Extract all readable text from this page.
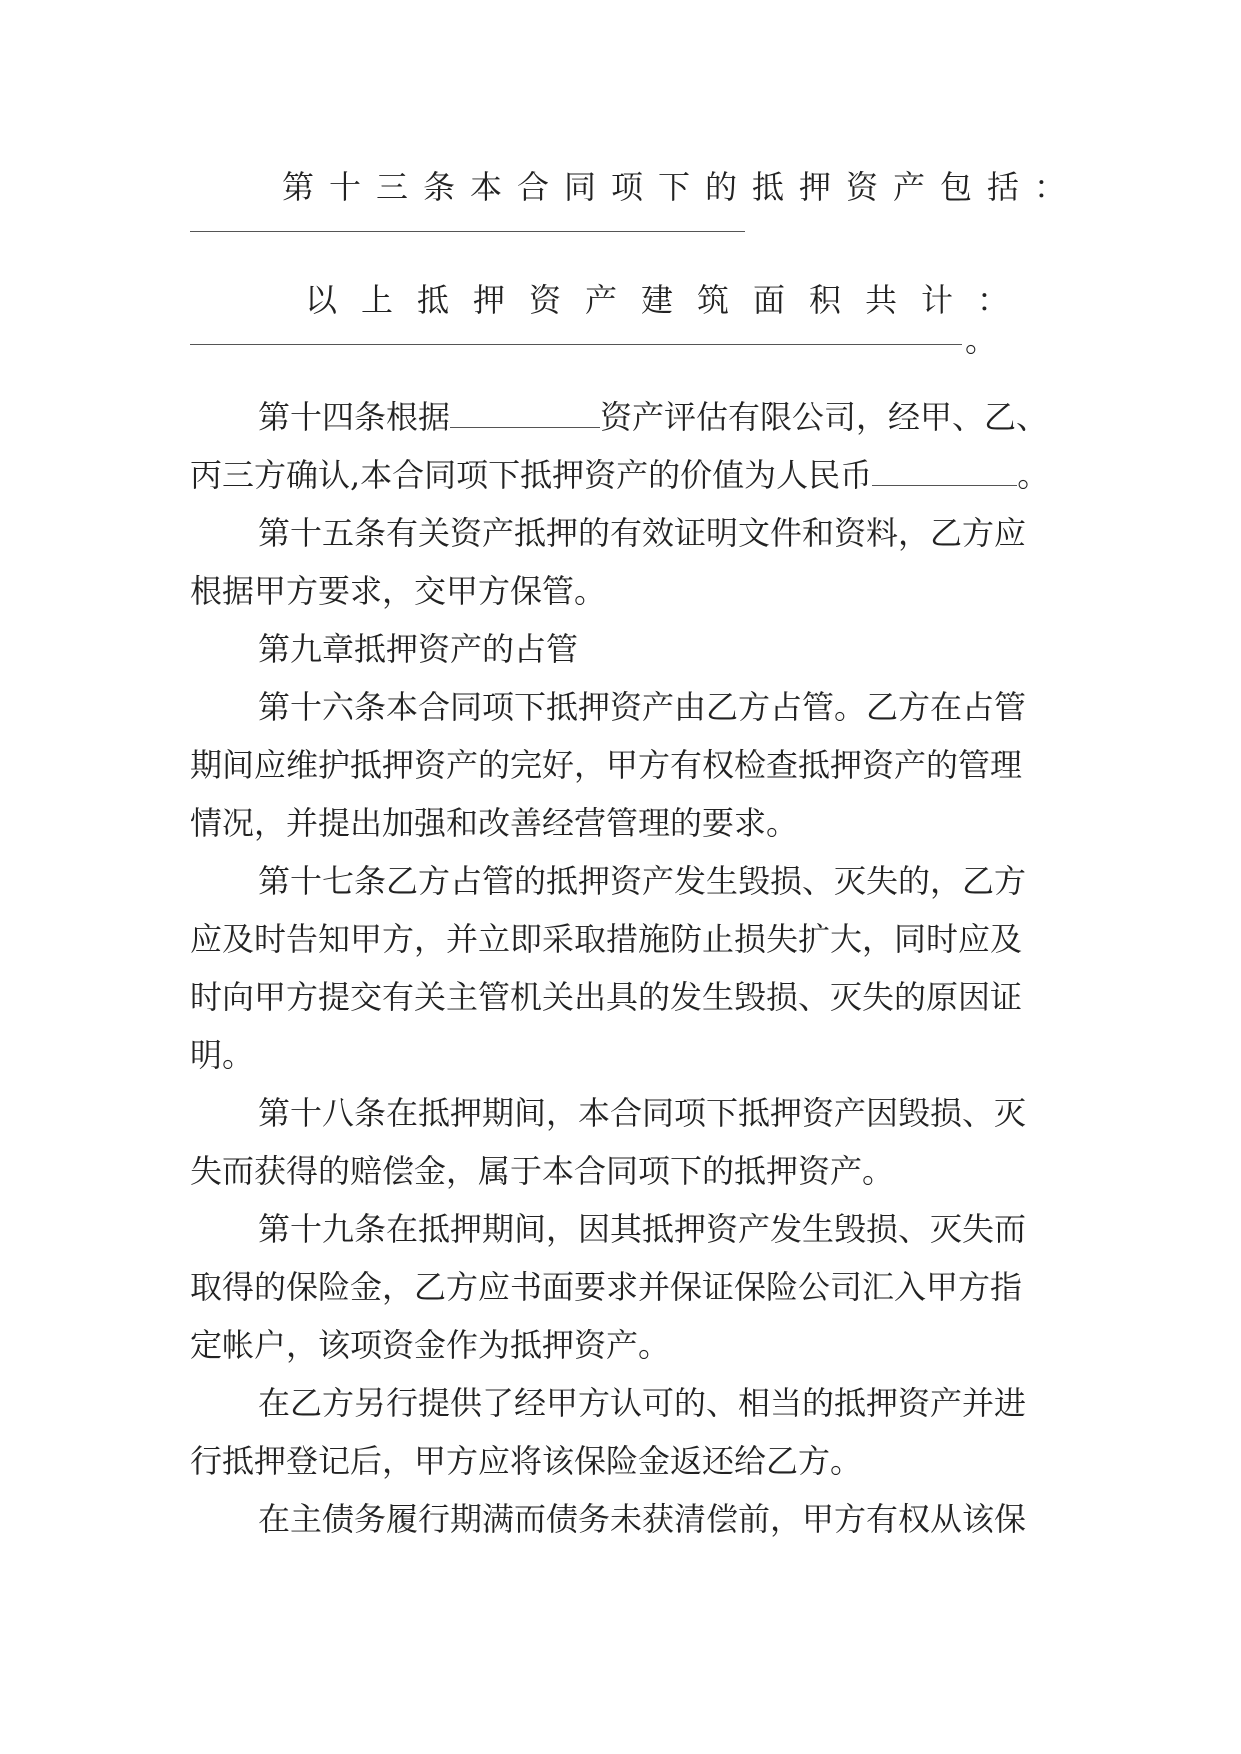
第十三条本合同项下的抵押资产包括：
以上抵押资产建筑面积共计：
。
第十四条根据	资产评估有限公司，经甲、乙、
丙三方确认,本合同项下抵押资产的价值为人民币	。
第十五条有关资产抵押的有效证明文件和资料，乙方应
根据甲方要求，交甲方保管。
第九章抵押资产的占管
第十六条本合同项下抵押资产由乙方占管。乙方在占管
期间应维护抵押资产的完好，甲方有权检查抵押资产的管理
情况，并提出加强和改善经营管理的要求。
第十七条乙方占管的抵押资产发生毁损、灭失的，乙方
应及时告知甲方，并立即采取措施防止损失扩大，同时应及
时向甲方提交有关主管机关出具的发生毁损、灭失的原因证
明。
第十八条在抵押期间，本合同项下抵押资产因毁损、灭
失而获得的赔偿金，属于本合同项下的抵押资产。
第十九条在抵押期间，因其抵押资产发生毁损、灭失而
取得的保险金，乙方应书面要求并保证保险公司汇入甲方指
定帐户，该项资金作为抵押资产。
在乙方另行提供了经甲方认可的、相当的抵押资产并进
行抵押登记后，甲方应将该保险金返还给乙方。
在主债务履行期满而债务未获清偿前，甲方有权从该保
